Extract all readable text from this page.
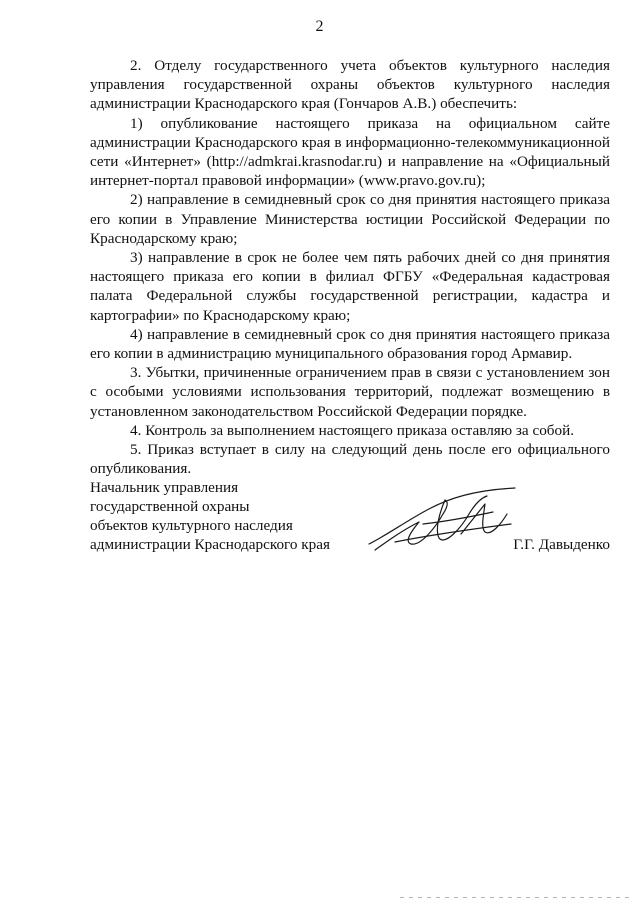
2

2. Отделу государственного учета объектов культурного наследия управления государственной охраны объектов культурного наследия администрации Краснодарского края (Гончаров А.В.) обеспечить:

1) опубликование настоящего приказа на официальном сайте администрации Краснодарского края в информационно-телекоммуникационной сети «Интернет» (http://admkrai.krasnodar.ru) и направление на «Официальный интернет-портал правовой информации» (www.pravo.gov.ru);

2) направление в семидневный срок со дня принятия настоящего приказа его копии в Управление Министерства юстиции Российской Федерации по Краснодарскому краю;

3) направление в срок не более чем пять рабочих дней со дня принятия настоящего приказа его копии в филиал ФГБУ «Федеральная кадастровая палата Федеральной службы государственной регистрации, кадастра и картографии» по Краснодарскому краю;

4) направление в семидневный срок со дня принятия настоящего приказа его копии в администрацию муниципального образования город Армавир.

3. Убытки, причиненные ограничением прав в связи с установлением зон с особыми условиями использования территорий, подлежат возмещению в установленном законодательством Российской Федерации порядке.

4. Контроль за выполнением настоящего приказа оставляю за собой.

5. Приказ вступает в силу на следующий день после его официального опубликования.

Начальник управления
государственной охраны
объектов культурного наследия
администрации Краснодарского края	Г.Г. Давыденко
